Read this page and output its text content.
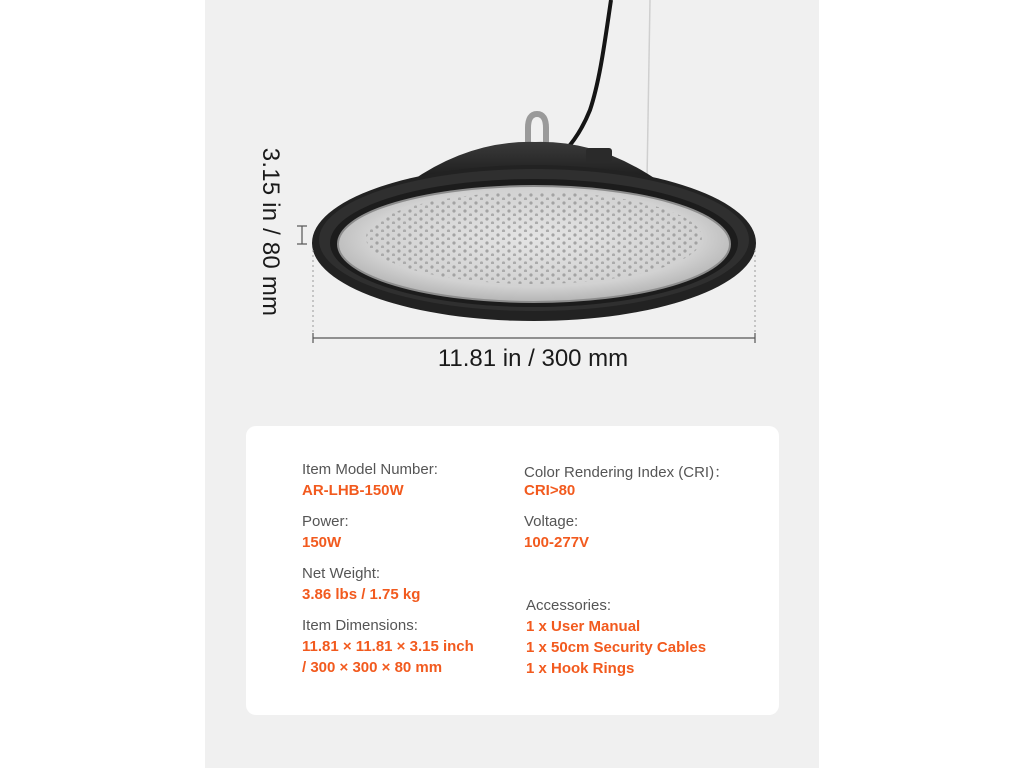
3.15 in / 80 mm
11.81 in / 300 mm
Item Model Number:
AR-LHB-150W
Power:
150W
Net Weight:
3.86 lbs / 1.75 kg
Item Dimensions:
11.81 × 11.81 × 3.15 inch
/ 300 × 300 × 80 mm
Color Rendering Index (CRI)：
CRI>80
Voltage:
100-277V
Accessories:
1 x User Manual
1 x 50cm Security Cables
1 x Hook Rings
